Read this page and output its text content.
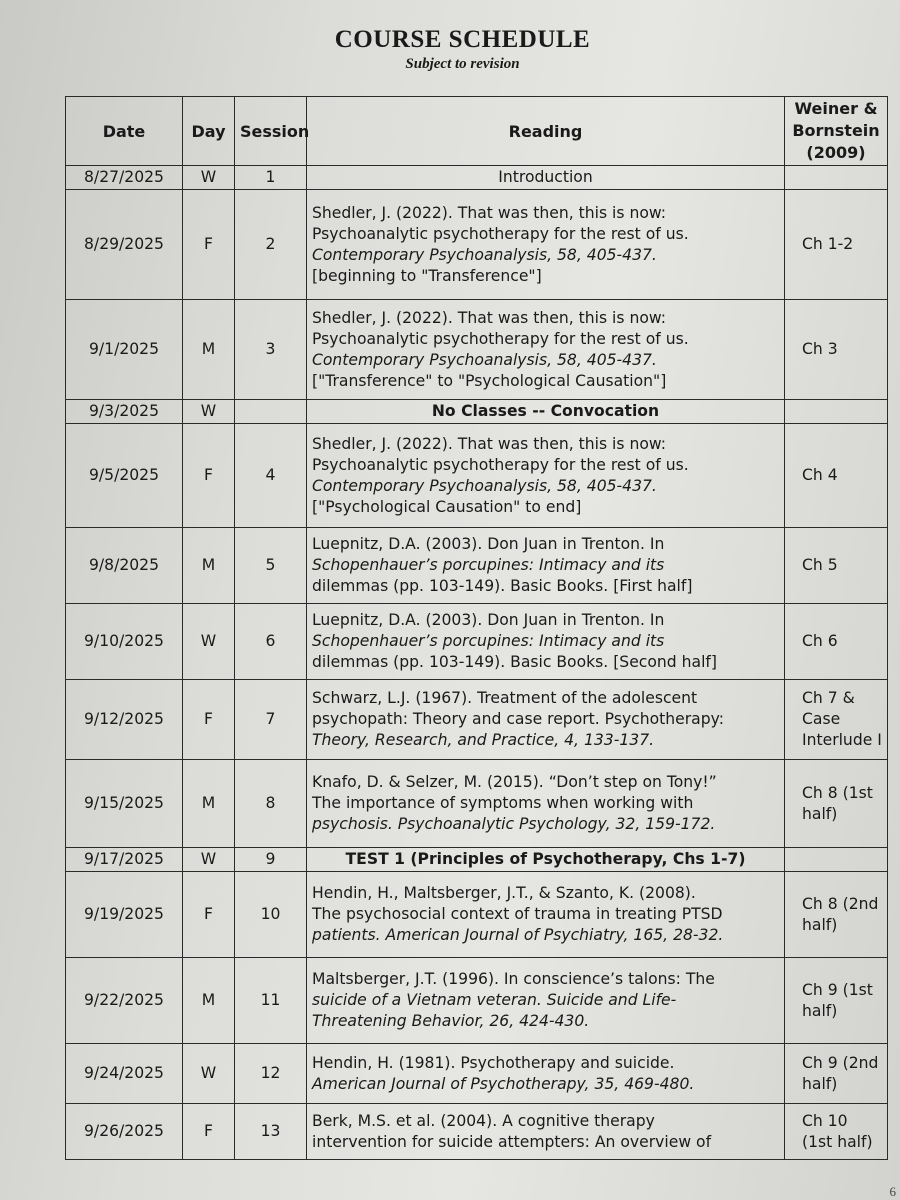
COURSE SCHEDULE
Subject to revision
Date	Day	Session	Reading	Weiner &
Bornstein
(2009)
8/27/2025	W	1	Introduction	

8/29/2025	F	2	Shedler, J. (2022). That was then, this is now:
Psychoanalytic psychotherapy for the rest of us.
Contemporary Psychoanalysis, 58, 405-437.
[beginning to "Transference"]	Ch 1-2

9/1/2025	M	3	Shedler, J. (2022). That was then, this is now:
Psychoanalytic psychotherapy for the rest of us.
Contemporary Psychoanalysis, 58, 405-437.
["Transference" to "Psychological Causation"]	Ch 3

9/3/2025	W		No Classes -- Convocation	

9/5/2025	F	4	Shedler, J. (2022). That was then, this is now:
Psychoanalytic psychotherapy for the rest of us.
Contemporary Psychoanalysis, 58, 405-437.
["Psychological Causation" to end]	Ch 4

9/8/2025	M	5	Luepnitz, D.A. (2003). Don Juan in Trenton. In
Schopenhauer’s porcupines: Intimacy and its
dilemmas (pp. 103-149). Basic Books. [First half]	Ch 5

9/10/2025	W	6	Luepnitz, D.A. (2003). Don Juan in Trenton. In
Schopenhauer’s porcupines: Intimacy and its
dilemmas (pp. 103-149). Basic Books. [Second half]	Ch 6

9/12/2025	F	7	Schwarz, L.J. (1967). Treatment of the adolescent
psychopath: Theory and case report. Psychotherapy:
Theory, Research, and Practice, 4, 133-137.	Ch 7 & Case Interlude I

9/15/2025	M	8	Knafo, D. & Selzer, M. (2015). “Don’t step on Tony!”
The importance of symptoms when working with
psychosis. Psychoanalytic Psychology, 32, 159-172.	Ch 8 (1st half)

9/17/2025	W	9	TEST 1 (Principles of Psychotherapy, Chs 1-7)	

9/19/2025	F	10	Hendin, H., Maltsberger, J.T., & Szanto, K. (2008).
The psychosocial context of trauma in treating PTSD
patients. American Journal of Psychiatry, 165, 28-32.	Ch 8 (2nd half)

9/22/2025	M	11	Maltsberger, J.T. (1996). In conscience’s talons: The
suicide of a Vietnam veteran. Suicide and Life-
Threatening Behavior, 26, 424-430.	Ch 9 (1st half)

9/24/2025	W	12	Hendin, H. (1981). Psychotherapy and suicide.
American Journal of Psychotherapy, 35, 469-480.	Ch 9 (2nd half)

9/26/2025	F	13	Berk, M.S. et al. (2004). A cognitive therapy
intervention for suicide attempters: An overview of	Ch 10 (1st half)
6
